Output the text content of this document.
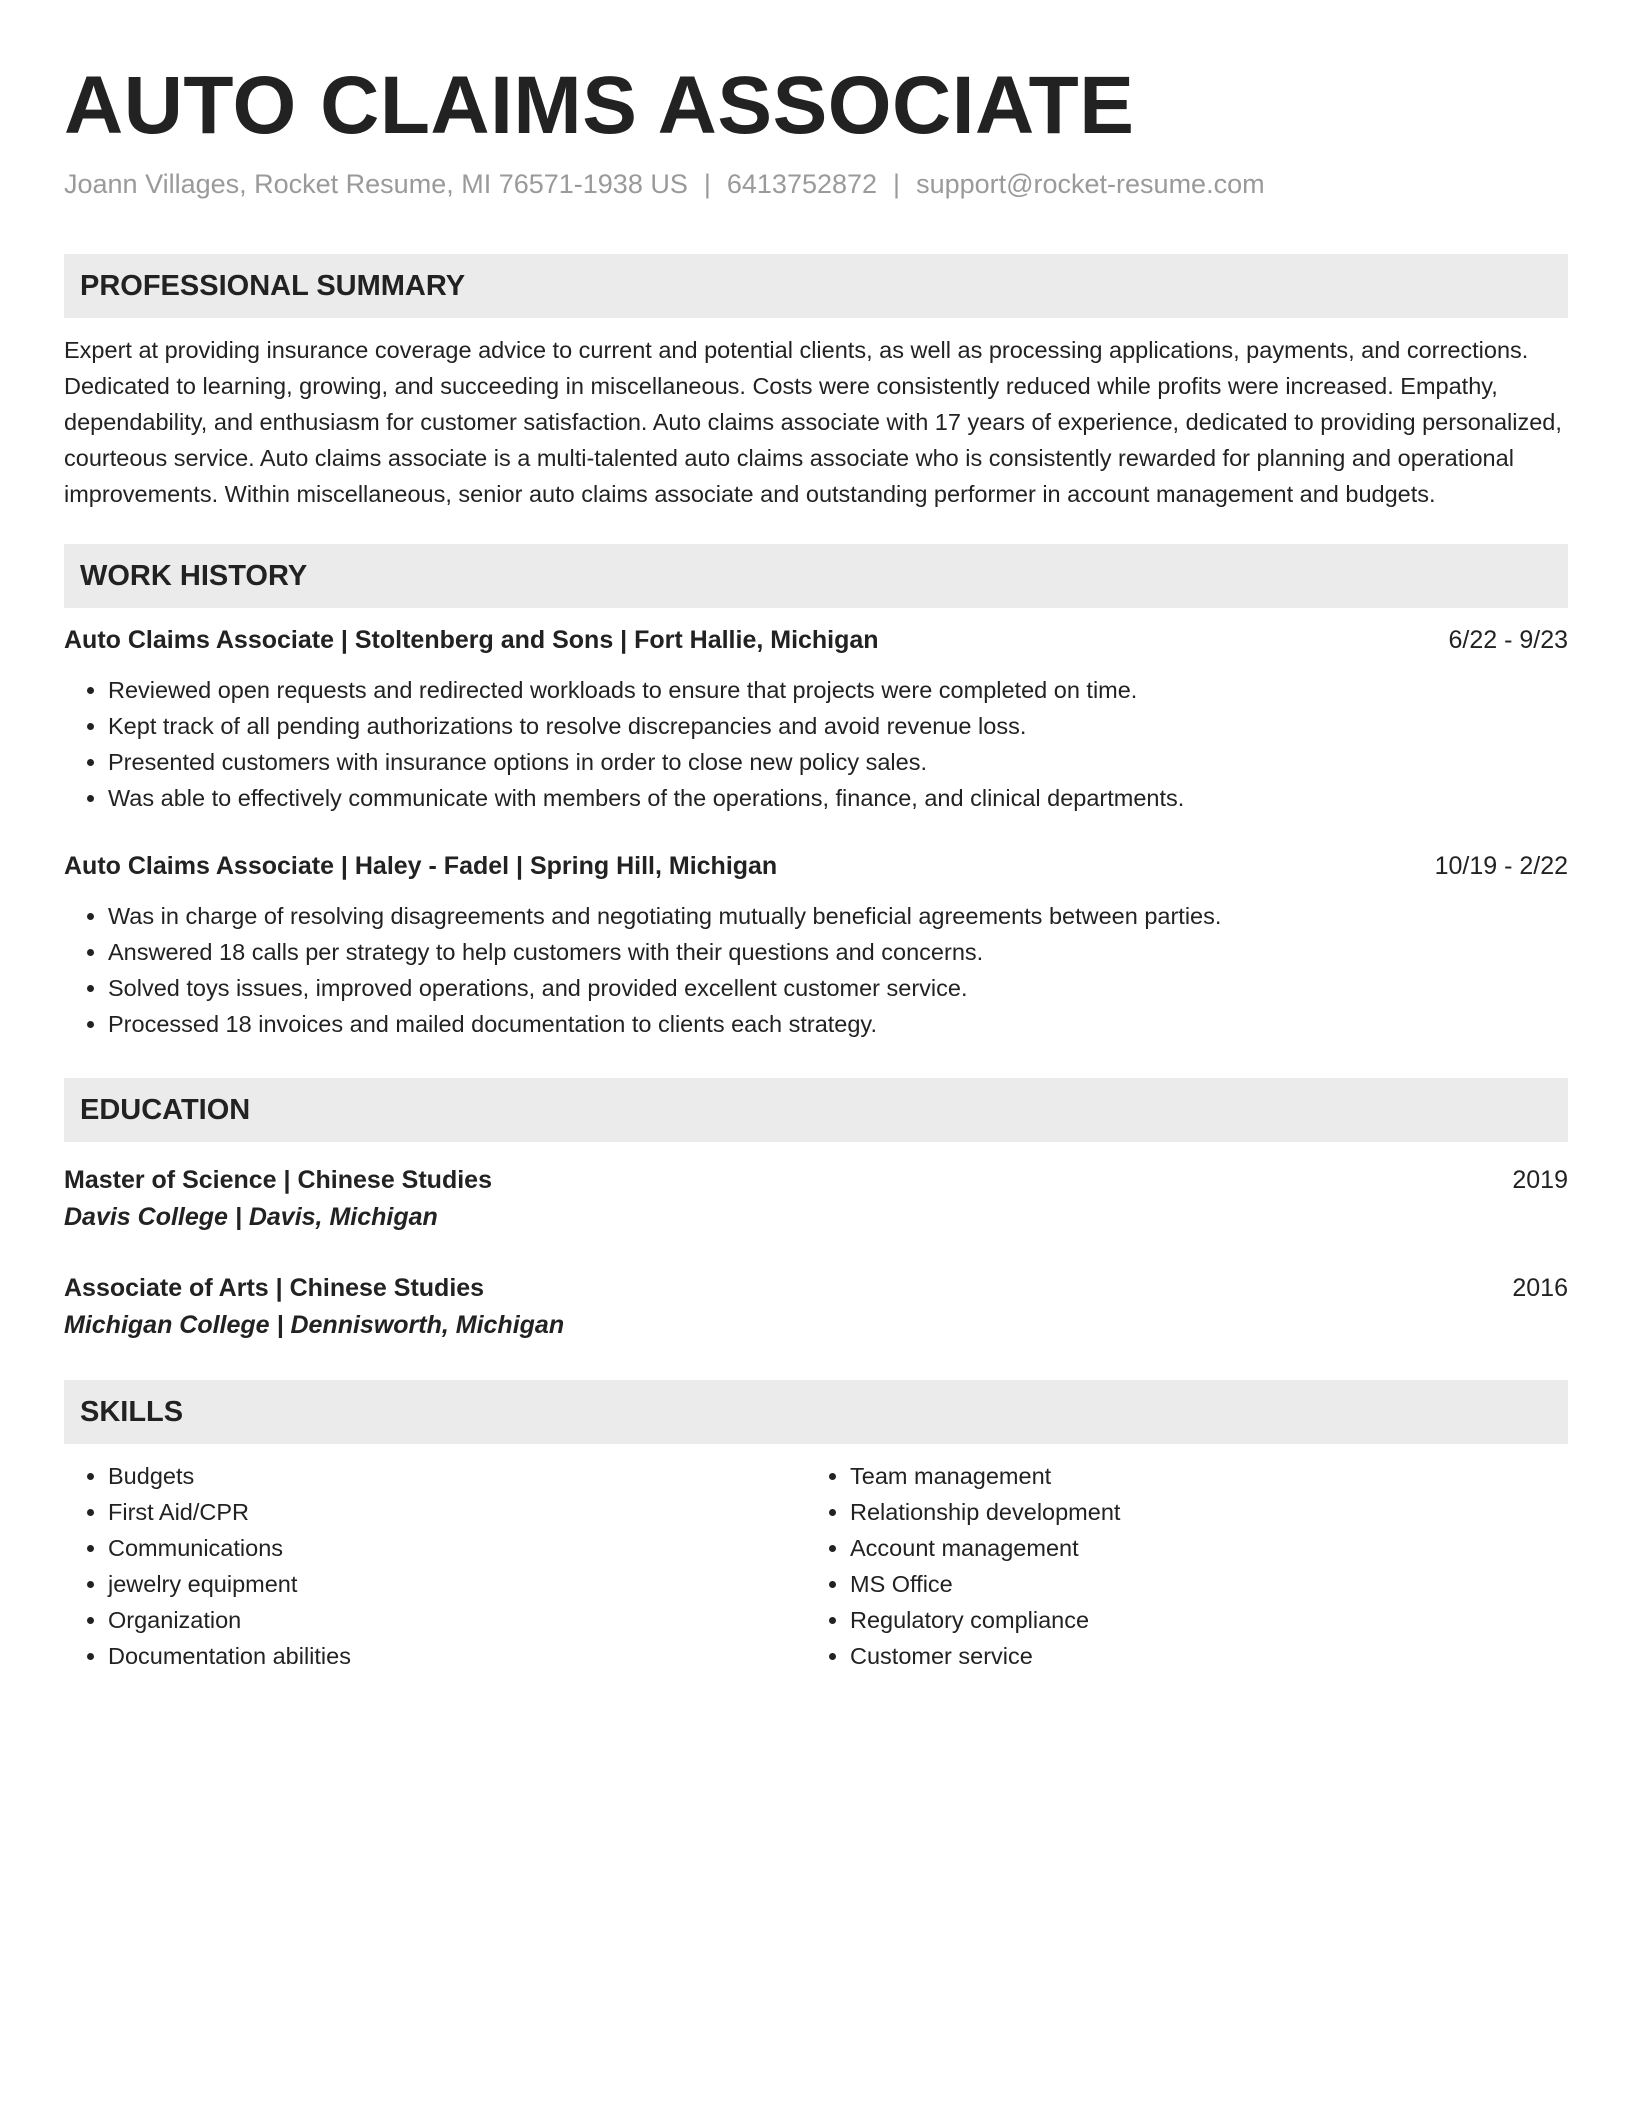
AUTO CLAIMS ASSOCIATE
Joann Villages, Rocket Resume, MI 76571-1938 US | 6413752872 | support@rocket-resume.com
PROFESSIONAL SUMMARY
Expert at providing insurance coverage advice to current and potential clients, as well as processing applications, payments, and corrections. Dedicated to learning, growing, and succeeding in miscellaneous. Costs were consistently reduced while profits were increased. Empathy, dependability, and enthusiasm for customer satisfaction. Auto claims associate with 17 years of experience, dedicated to providing personalized, courteous service. Auto claims associate is a multi-talented auto claims associate who is consistently rewarded for planning and operational improvements. Within miscellaneous, senior auto claims associate and outstanding performer in account management and budgets.
WORK HISTORY
Auto Claims Associate | Stoltenberg and Sons | Fort Hallie, Michigan	6/22 - 9/23
• Reviewed open requests and redirected workloads to ensure that projects were completed on time.
• Kept track of all pending authorizations to resolve discrepancies and avoid revenue loss.
• Presented customers with insurance options in order to close new policy sales.
• Was able to effectively communicate with members of the operations, finance, and clinical departments.
Auto Claims Associate | Haley - Fadel | Spring Hill, Michigan	10/19 - 2/22
• Was in charge of resolving disagreements and negotiating mutually beneficial agreements between parties.
• Answered 18 calls per strategy to help customers with their questions and concerns.
• Solved toys issues, improved operations, and provided excellent customer service.
• Processed 18 invoices and mailed documentation to clients each strategy.
EDUCATION
Master of Science | Chinese Studies	2019
Davis College | Davis, Michigan
Associate of Arts | Chinese Studies	2016
Michigan College | Dennisworth, Michigan
SKILLS
• Budgets
• First Aid/CPR
• Communications
• jewelry equipment
• Organization
• Documentation abilities
• Team management
• Relationship development
• Account management
• MS Office
• Regulatory compliance
• Customer service
